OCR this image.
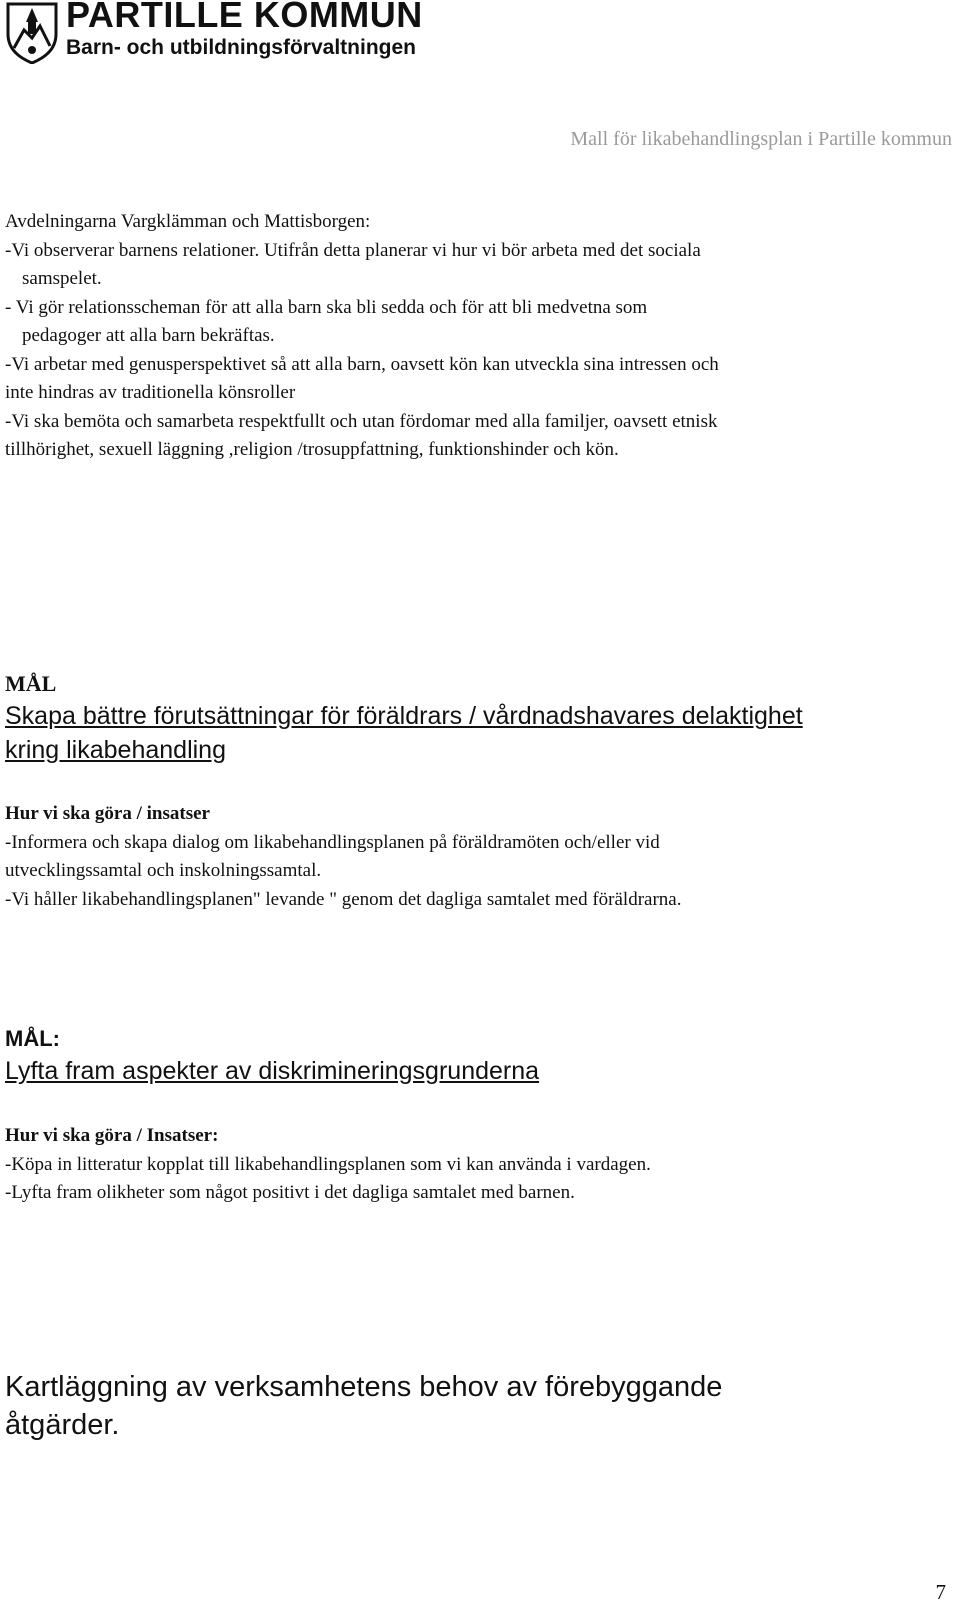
PARTILLE KOMMUN
Barn- och utbildningsförvaltningen
Mall för likabehandlingsplan i Partille kommun

Avdelningarna Vargklämman och Mattisborgen:

-Vi observerar barnens relationer. Utifrån detta planerar vi hur vi bör arbeta med det sociala

samspelet.

- Vi gör relationsscheman för att alla barn ska bli sedda och för att bli medvetna som

pedagoger att alla barn bekräftas.

-Vi arbetar med genusperspektivet så att alla barn, oavsett kön kan utveckla sina intressen och

inte hindras av traditionella könsroller

-Vi ska bemöta och samarbeta respektfullt och utan fördomar med alla familjer, oavsett etnisk

tillhörighet, sexuell läggning ,religion /trosuppfattning, funktionshinder och kön.

MÅL

Skapa bättre förutsättningar för föräldrars / vårdnadshavares delaktighet

kring likabehandling

Hur vi ska göra / insatser

-Informera och skapa dialog om likabehandlingsplanen på föräldramöten och/eller vid

utvecklingssamtal och inskolningssamtal.

-Vi håller likabehandlingsplanen" levande " genom det dagliga samtalet med föräldrarna.

MÅL:

Lyfta fram aspekter av diskrimineringsgrunderna

Hur vi ska göra / Insatser:

-Köpa in litteratur kopplat till likabehandlingsplanen som vi kan använda i vardagen.

-Lyfta fram olikheter som något positivt i det dagliga samtalet med barnen.

Kartläggning av verksamhetens behov av förebyggande

åtgärder.

7
